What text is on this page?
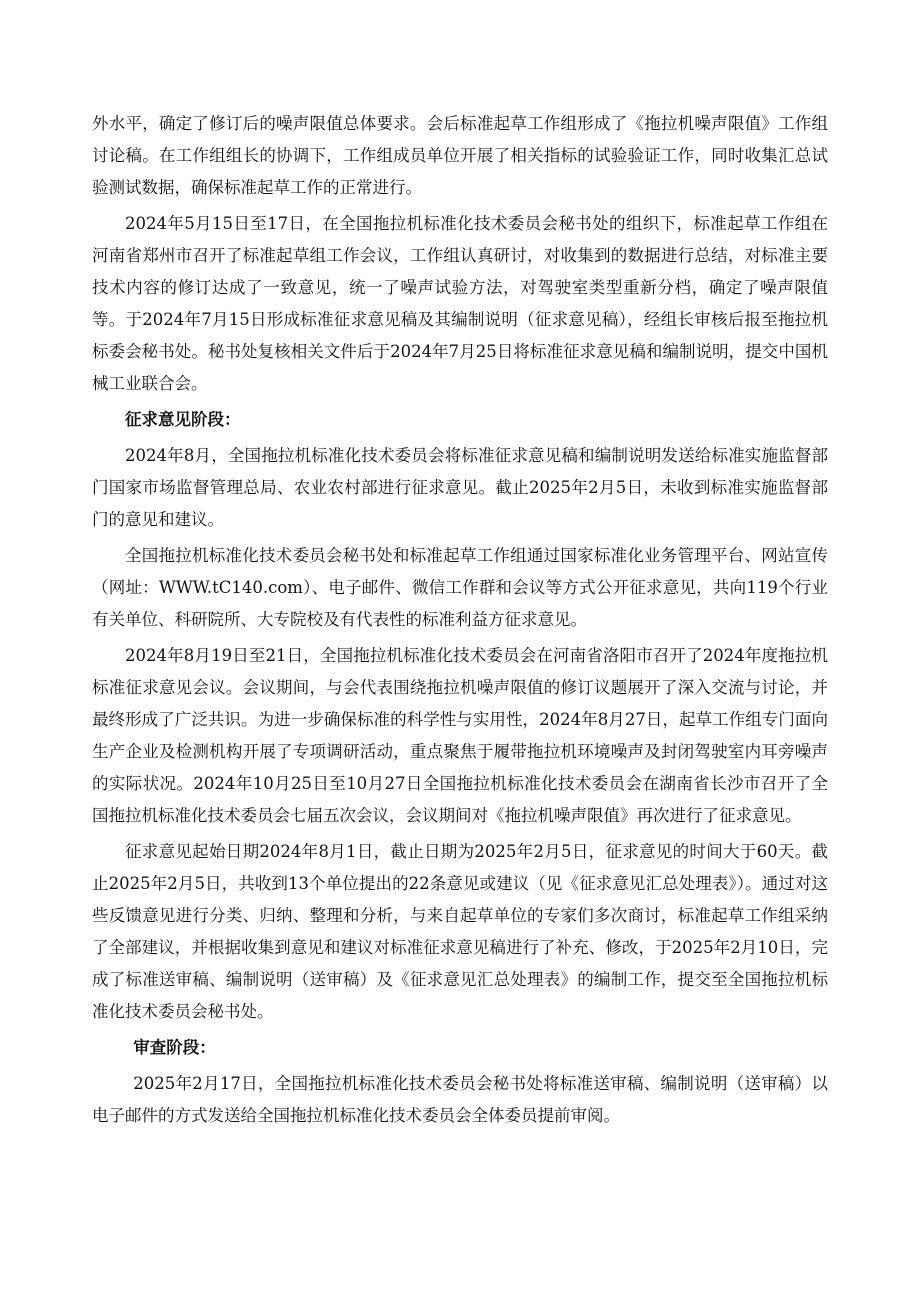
外水平，确定了修订后的噪声限值总体要求。会后标准起草工作组形成了《拖拉机噪声限值》工作组讨论稿。在工作组组长的协调下，工作组成员单位开展了相关指标的试验验证工作，同时收集汇总试验测试数据，确保标准起草工作的正常进行。

2024年5月15日至17日，在全国拖拉机标准化技术委员会秘书处的组织下，标准起草工作组在河南省郑州市召开了标准起草组工作会议，工作组认真研讨，对收集到的数据进行总结，对标准主要技术内容的修订达成了一致意见，统一了噪声试验方法，对驾驶室类型重新分档，确定了噪声限值等。于2024年7月15日形成标准征求意见稿及其编制说明（征求意见稿），经组长审核后报至拖拉机标委会秘书处。秘书处复核相关文件后于2024年7月25日将标准征求意见稿和编制说明，提交中国机械工业联合会。

征求意见阶段：

2024年8月，全国拖拉机标准化技术委员会将标准征求意见稿和编制说明发送给标准实施监督部门国家市场监督管理总局、农业农村部进行征求意见。截止2025年2月5日，未收到标准实施监督部门的意见和建议。

全国拖拉机标准化技术委员会秘书处和标准起草工作组通过国家标准化业务管理平台、网站宣传（网址：WWW.tC140.com）、电子邮件、微信工作群和会议等方式公开征求意见，共向119个行业有关单位、科研院所、大专院校及有代表性的标准利益方征求意见。

2024年8月19日至21日，全国拖拉机标准化技术委员会在河南省洛阳市召开了2024年度拖拉机标准征求意见会议。会议期间，与会代表围绕拖拉机噪声限值的修订议题展开了深入交流与讨论，并最终形成了广泛共识。为进一步确保标准的科学性与实用性，2024年8月27日，起草工作组专门面向生产企业及检测机构开展了专项调研活动，重点聚焦于履带拖拉机环境噪声及封闭驾驶室内耳旁噪声的实际状况。2024年10月25日至10月27日全国拖拉机标准化技术委员会在湖南省长沙市召开了全国拖拉机标准化技术委员会七届五次会议，会议期间对《拖拉机噪声限值》再次进行了征求意见。

征求意见起始日期2024年8月1日，截止日期为2025年2月5日，征求意见的时间大于60天。截止2025年2月5日，共收到13个单位提出的22条意见或建议（见《征求意见汇总处理表》）。通过对这些反馈意见进行分类、归纳、整理和分析，与来自起草单位的专家们多次商讨，标准起草工作组采纳了全部建议，并根据收集到意见和建议对标准征求意见稿进行了补充、修改，于2025年2月10日，完成了标准送审稿、编制说明（送审稿）及《征求意见汇总处理表》的编制工作，提交至全国拖拉机标准化技术委员会秘书处。

审查阶段：

2025年2月17日，全国拖拉机标准化技术委员会秘书处将标准送审稿、编制说明（送审稿）以电子邮件的方式发送给全国拖拉机标准化技术委员会全体委员提前审阅。
